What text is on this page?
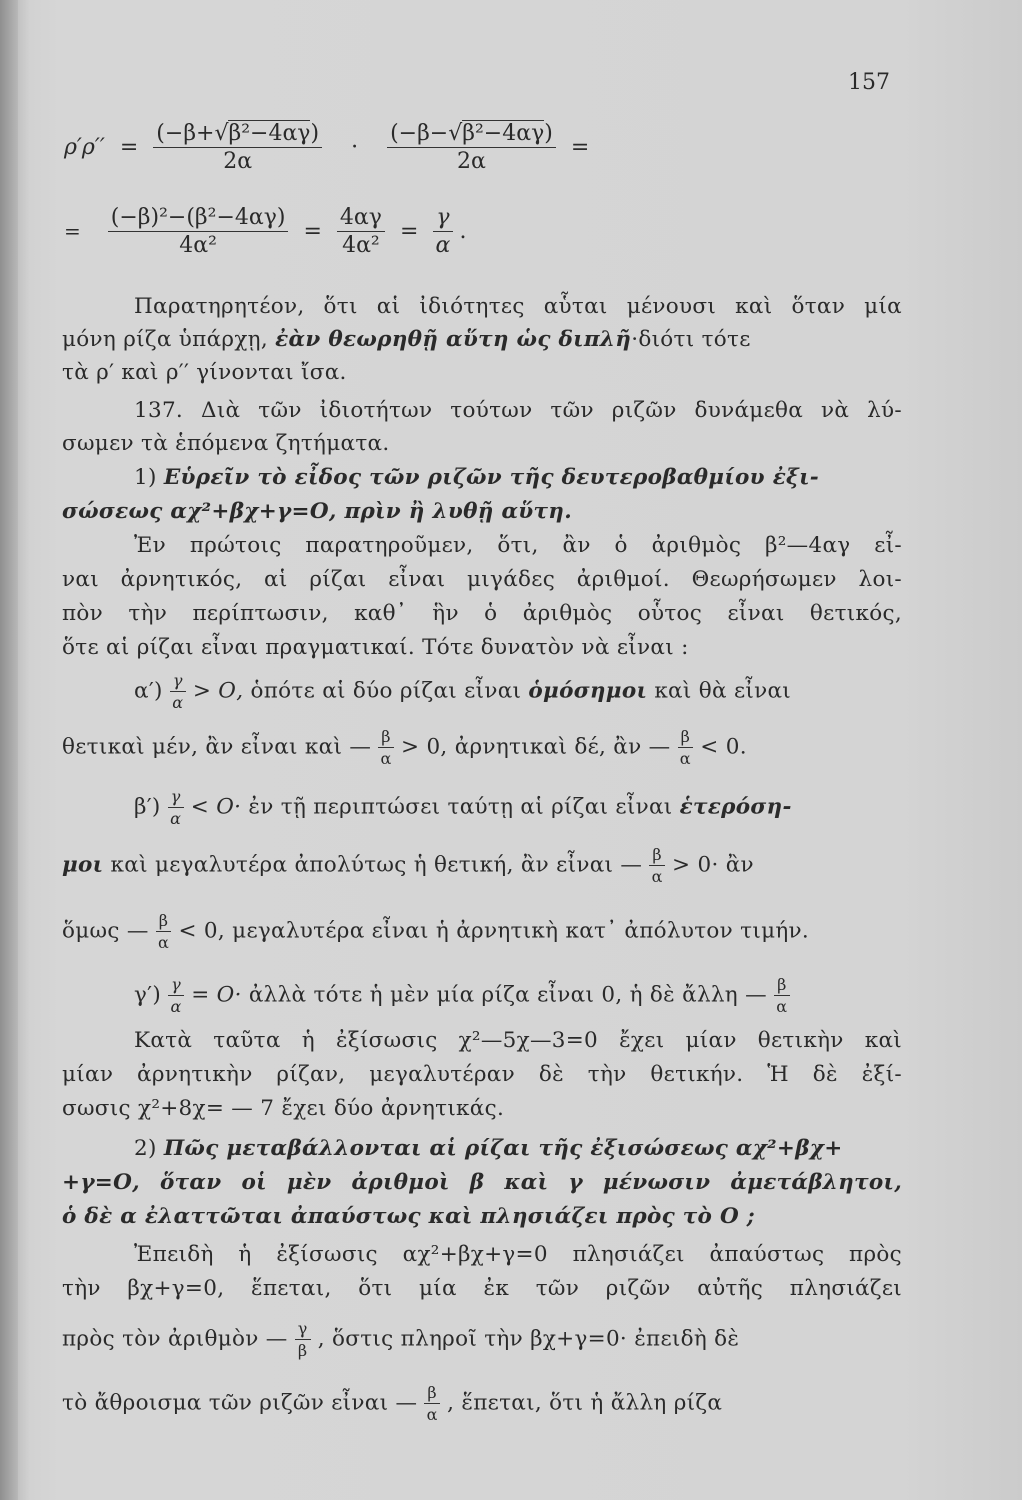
157
$\rho'\rho'' = \frac{\text{(−β+√β²−4αγ)}}{2\alpha} \cdot \frac{\text{(−β−√β²−4αγ)}}{2\alpha}$ =
= $\frac{\text{(−β)²−(β²−4αγ)}}{\text{4α²}} = \frac{4\alpha\gamma}{\text{4α²}} = \frac{\gamma}{\alpha}$ .
Παρατηρητέον, ὅτι αἱ ἰδιότητες αὗται μένουσι καὶ ὅταν μία
μόνη ρίζα ὑπάρχῃ, ἐὰν θεωρηθῇ αὕτη ὡς διπλῆ·διότι τότε
τὰ ρ′ καὶ ρ′′ γίνονται ἴσα.
137. Διὰ τῶν ἰδιοτήτων τούτων τῶν ριζῶν δυνάμεθα νὰ λύ-
σωμεν τὰ ἑπόμενα ζητήματα.
1) Εὑρεῖν τὸ εἶδος τῶν ριζῶν τῆς δευτεροβαθμίου ἐξι-
σώσεως αχ²+βχ+γ=Ο, πρὶν ἢ λυθῇ αὕτη.
Ἐν πρώτοις παρατηροῦμεν, ὅτι, ἂν ὁ ἀριθμὸς β²—4αγ εἶ-
ναι ἀρνητικός, αἱ ρίζαι εἶναι μιγάδες ἀριθμοί. Θεωρήσωμεν λοι-
πὸν τὴν περίπτωσιν, καθ᾽ ἣν ὁ ἀριθμὸς οὗτος εἶναι θετικός,
ὅτε αἱ ρίζαι εἶναι πραγματικαί. Τότε δυνατὸν νὰ εἶναι :
$\alpha') \frac{\gamma}{\alpha} > O$, ὁπότε αἱ δύο ρίζαι εἶναι ὁμόσημοι καὶ θὰ εἶναι
θετικαὶ μέν, ἂν εἶναι καὶ — $\frac{\beta}{\alpha} > 0$, ἀρνητικαὶ δέ, ἂν — $\frac{\beta}{\alpha} < 0$.
$\beta') \frac{\gamma}{\alpha} < O\cdot$ ἐν τῇ περιπτώσει ταύτῃ αἱ ρίζαι εἶναι ἑτερόση-
μοι καὶ μεγαλυτέρα ἀπολύτως ἡ θετική, ἂν εἶναι — $\frac{\beta}{\alpha} > 0\cdot$ ἂν
ὅμως — $\frac{\beta}{\alpha} < 0$, μεγαλυτέρα εἶναι ἡ ἀρνητικὴ κατ᾽ ἀπόλυτον τιμήν.
$\gamma') \frac{\gamma}{\alpha} = O\cdot$ ἀλλὰ τότε ἡ μὲν μία ρίζα εἶναι 0, ἡ δὲ ἄλλη — $\frac{\beta}{\alpha}$
Κατὰ ταῦτα ἡ ἐξίσωσις χ²—5χ—3=0 ἔχει μίαν θετικὴν καὶ
μίαν ἀρνητικὴν ρίζαν, μεγαλυτέραν δὲ τὴν θετικήν. Ἡ δὲ ἐξί-
σωσις χ²+8χ= — 7 ἔχει δύο ἀρνητικάς.
2) Πῶς μεταβάλλονται αἱ ρίζαι τῆς ἐξισώσεως αχ²+βχ+
+γ=Ο, ὅταν οἱ μὲν ἀριθμοὶ β καὶ γ μένωσιν ἀμετάβλητοι,
ὁ δὲ α ἐλαττῶται ἀπαύστως καὶ πλησιάζει πρὸς τὸ Ο ;
Ἐπειδὴ ἡ ἐξίσωσις αχ²+βχ+γ=0 πλησιάζει ἀπαύστως πρὸς
τὴν βχ+γ=0, ἕπεται, ὅτι μία ἐκ τῶν ριζῶν αὐτῆς πλησιάζει
πρὸς τὸν ἀριθμὸν — $\frac{\gamma}{\beta}$ , ὅστις πληροῖ τὴν βχ+γ=0· ἐπειδὴ δὲ
τὸ ἄθροισμα τῶν ριζῶν εἶναι — $\frac{\beta}{\alpha}$ , ἕπεται, ὅτι ἡ ἄλλη ρίζα
